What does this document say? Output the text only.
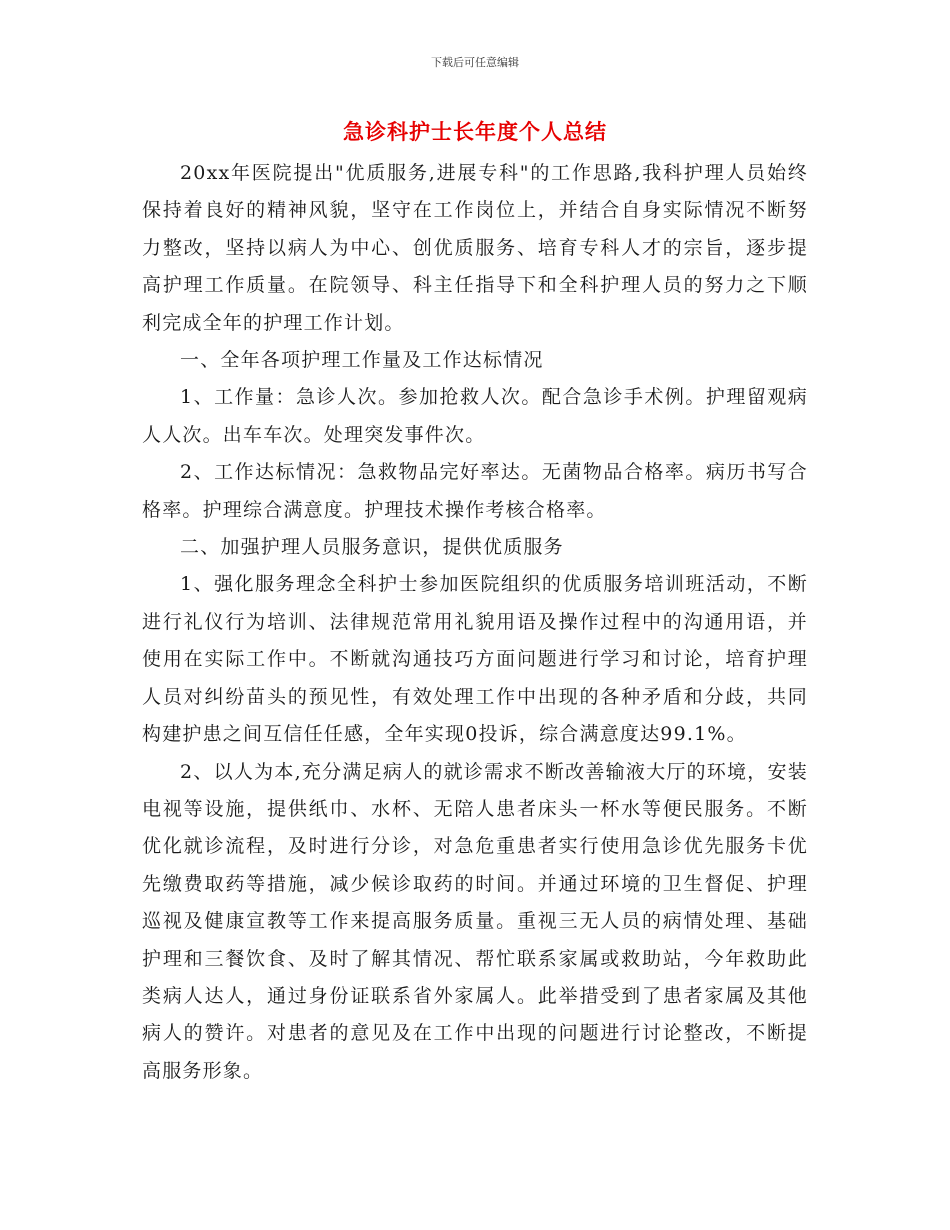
下载后可任意编辑
急诊科护士长年度个人总结

20xx年医院提出"优质服务,进展专科"的工作思路,我科护理人员始终保持着良好的精神风貌，坚守在工作岗位上，并结合自身实际情况不断努力整改，坚持以病人为中心、创优质服务、培育专科人才的宗旨，逐步提高护理工作质量。在院领导、科主任指导下和全科护理人员的努力之下顺利完成全年的护理工作计划。

一、全年各项护理工作量及工作达标情况

1、工作量：急诊人次。参加抢救人次。配合急诊手术例。护理留观病人人次。出车车次。处理突发事件次。

2、工作达标情况：急救物品完好率达。无菌物品合格率。病历书写合格率。护理综合满意度。护理技术操作考核合格率。

二、加强护理人员服务意识，提供优质服务

1、强化服务理念全科护士参加医院组织的优质服务培训班活动，不断进行礼仪行为培训、法律规范常用礼貌用语及操作过程中的沟通用语，并使用在实际工作中。不断就沟通技巧方面问题进行学习和讨论，培育护理人员对纠纷苗头的预见性，有效处理工作中出现的各种矛盾和分歧，共同构建护患之间互信任任感，全年实现0投诉，综合满意度达99.1%。

2、以人为本,充分满足病人的就诊需求不断改善输液大厅的环境，安装电视等设施，提供纸巾、水杯、无陪人患者床头一杯水等便民服务。不断优化就诊流程，及时进行分诊，对急危重患者实行使用急诊优先服务卡优先缴费取药等措施，减少候诊取药的时间。并通过环境的卫生督促、护理巡视及健康宣教等工作来提高服务质量。重视三无人员的病情处理、基础护理和三餐饮食、及时了解其情况、帮忙联系家属或救助站，今年救助此类病人达人，通过身份证联系省外家属人。此举措受到了患者家属及其他病人的赞许。对患者的意见及在工作中出现的问题进行讨论整改，不断提高服务形象。
